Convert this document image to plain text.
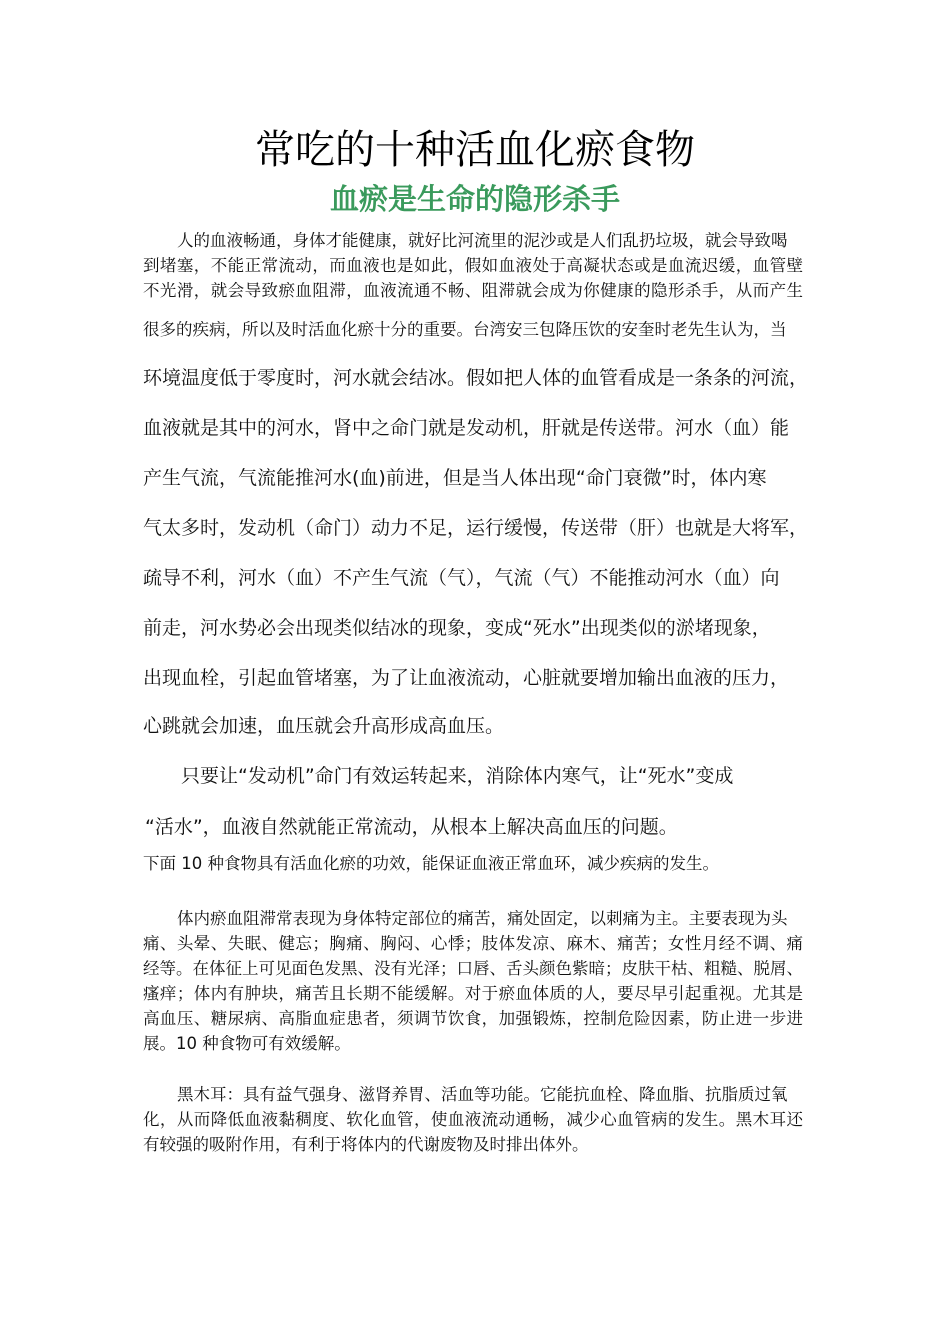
常吃的十种活血化瘀食物
血瘀是生命的隐形杀手
人的血液畅通，身体才能健康，就好比河流里的泥沙或是人们乱扔垃圾，就会导致喝
到堵塞，不能正常流动，而血液也是如此，假如血液处于高凝状态或是血流迟缓，血管壁
不光滑，就会导致瘀血阻滞，血液流通不畅、阻滞就会成为你健康的隐形杀手，从而产生
很多的疾病，所以及时活血化瘀十分的重要。台湾安三包降压饮的安奎时老先生认为，当
环境温度低于零度时，河水就会结冰。假如把人体的血管看成是一条条的河流，
血液就是其中的河水，肾中之命门就是发动机，肝就是传送带。河水（血）能
产生气流，气流能推河水(血)前进，但是当人体出现“命门衰微”时，体内寒
气太多时，发动机（命门）动力不足，运行缓慢，传送带（肝）也就是大将军，
疏导不利，河水（血）不产生气流（气），气流（气）不能推动河水（血）向
前走，河水势必会出现类似结冰的现象，变成“死水”出现类似的淤堵现象，
出现血栓，引起血管堵塞，为了让血液流动，心脏就要增加输出血液的压力，
心跳就会加速，血压就会升高形成高血压。
只要让“发动机”命门有效运转起来，消除体内寒气，让“死水”变成
“活水”，血液自然就能正常流动，从根本上解决高血压的问题。
下面 10 种食物具有活血化瘀的功效，能保证血液正常血环，减少疾病的发生。
体内瘀血阻滞常表现为身体特定部位的痛苦，痛处固定，以刺痛为主。主要表现为头
痛、头晕、失眠、健忘；胸痛、胸闷、心悸；肢体发凉、麻木、痛苦；女性月经不调、痛
经等。在体征上可见面色发黑、没有光泽；口唇、舌头颜色紫暗；皮肤干枯、粗糙、脱屑、
瘙痒；体内有肿块，痛苦且长期不能缓解。对于瘀血体质的人，要尽早引起重视。尤其是
高血压、糖尿病、高脂血症患者，须调节饮食，加强锻炼，控制危险因素，防止进一步进
展。10 种食物可有效缓解。
黑木耳：具有益气强身、滋肾养胃、活血等功能。它能抗血栓、降血脂、抗脂质过氧
化，从而降低血液黏稠度、软化血管，使血液流动通畅，减少心血管病的发生。黑木耳还
有较强的吸附作用，有利于将体内的代谢废物及时排出体外。
